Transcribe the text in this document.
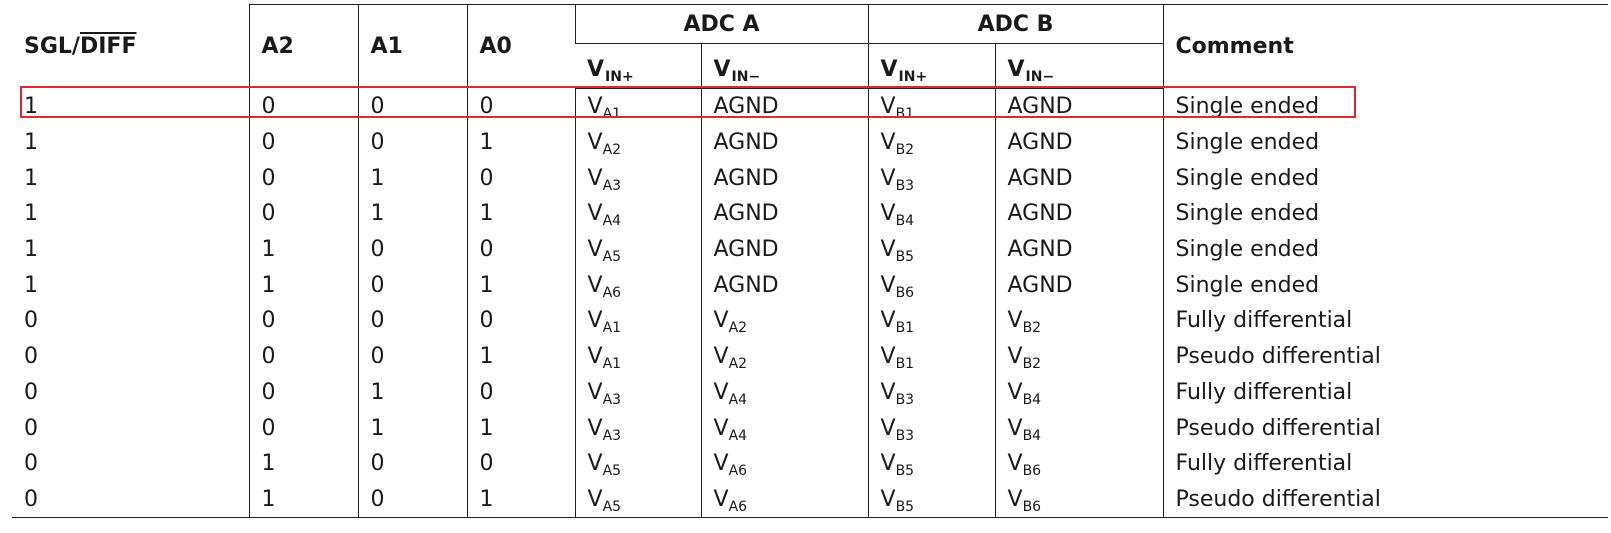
SGL/DIFF	A2	A1	A0	ADC A		ADC B		Comment
				$V_{IN+}$	$V_{IN-}$	$V_{IN+}$	$V_{IN-}$
1	0	0	0	$V_{A1}$	AGND	$V_{B1}$	AGND	Single ended
1	0	0	1	$V_{A2}$	AGND	$V_{B2}$	AGND	Single ended
1	0	1	0	$V_{A3}$	AGND	$V_{B3}$	AGND	Single ended
1	0	1	1	$V_{A4}$	AGND	$V_{B4}$	AGND	Single ended
1	1	0	0	$V_{A5}$	AGND	$V_{B5}$	AGND	Single ended
1	1	0	1	$V_{A6}$	AGND	$V_{B6}$	AGND	Single ended
0	0	0	0	$V_{A1}$	$V_{A2}$	$V_{B1}$	$V_{B2}$	Fully differential
0	0	0	1	$V_{A1}$	$V_{A2}$	$V_{B1}$	$V_{B2}$	Pseudo differential
0	0	1	0	$V_{A3}$	$V_{A4}$	$V_{B3}$	$V_{B4}$	Fully differential
0	0	1	1	$V_{A3}$	$V_{A4}$	$V_{B3}$	$V_{B4}$	Pseudo differential
0	1	0	0	$V_{A5}$	$V_{A6}$	$V_{B5}$	$V_{B6}$	Fully differential
0	1	0	1	$V_{A5}$	$V_{A6}$	$V_{B5}$	$V_{B6}$	Pseudo differential
